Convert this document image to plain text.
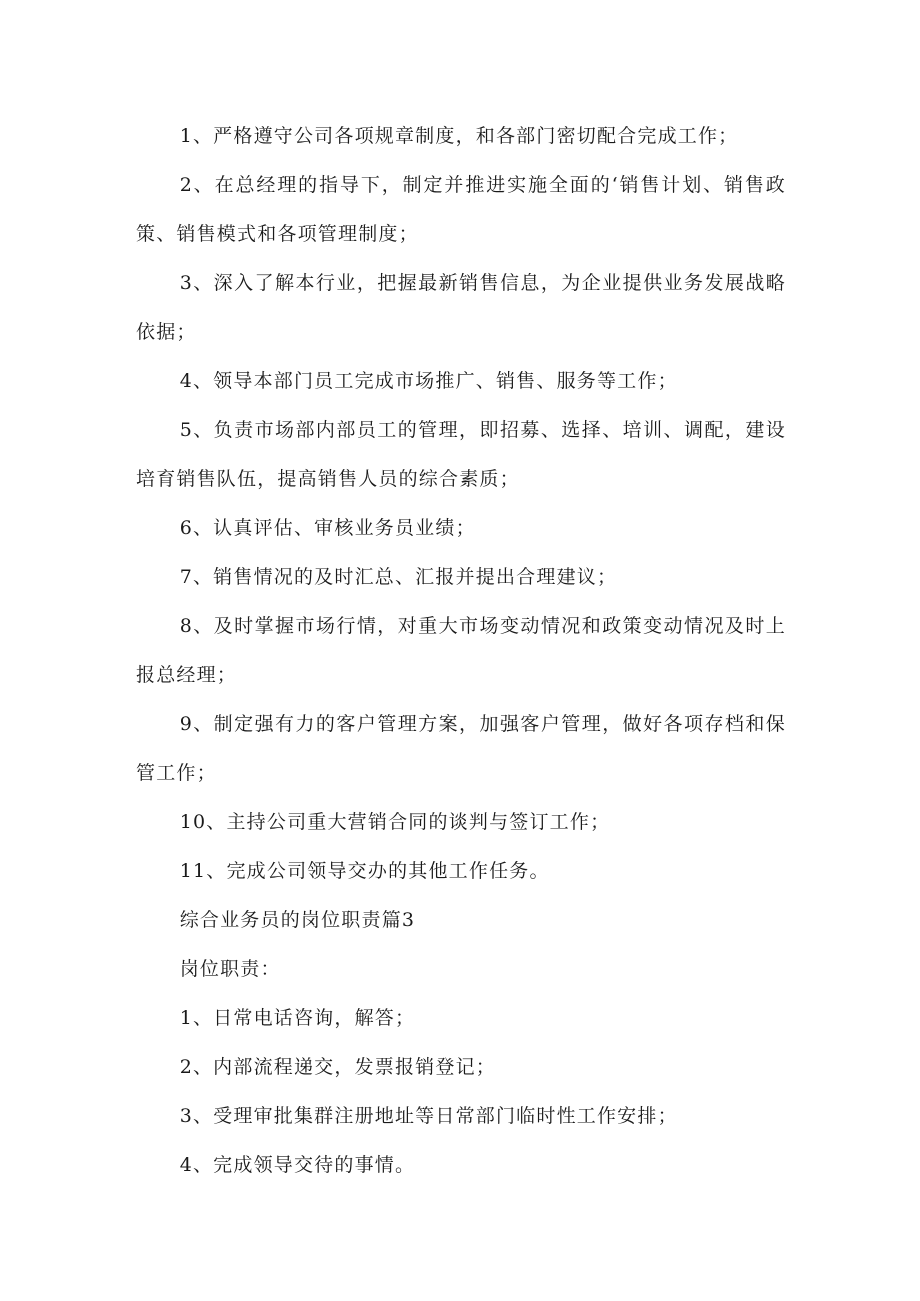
1、严格遵守公司各项规章制度，和各部门密切配合完成工作；

2、在总经理的指导下，制定并推进实施全面的‘销售计划、销售政策、销售模式和各项管理制度；

3、深入了解本行业，把握最新销售信息，为企业提供业务发展战略依据；

4、领导本部门员工完成市场推广、销售、服务等工作；

5、负责市场部内部员工的管理，即招募、选择、培训、调配，建设培育销售队伍，提高销售人员的综合素质；

6、认真评估、审核业务员业绩；

7、销售情况的及时汇总、汇报并提出合理建议；

8、及时掌握市场行情，对重大市场变动情况和政策变动情况及时上报总经理；

9、制定强有力的客户管理方案，加强客户管理，做好各项存档和保管工作；

10、主持公司重大营销合同的谈判与签订工作；

11、完成公司领导交办的其他工作任务。

综合业务员的岗位职责篇3

岗位职责：

1、日常电话咨询，解答；

2、内部流程递交，发票报销登记；

3、受理审批集群注册地址等日常部门临时性工作安排；

4、完成领导交待的事情。
